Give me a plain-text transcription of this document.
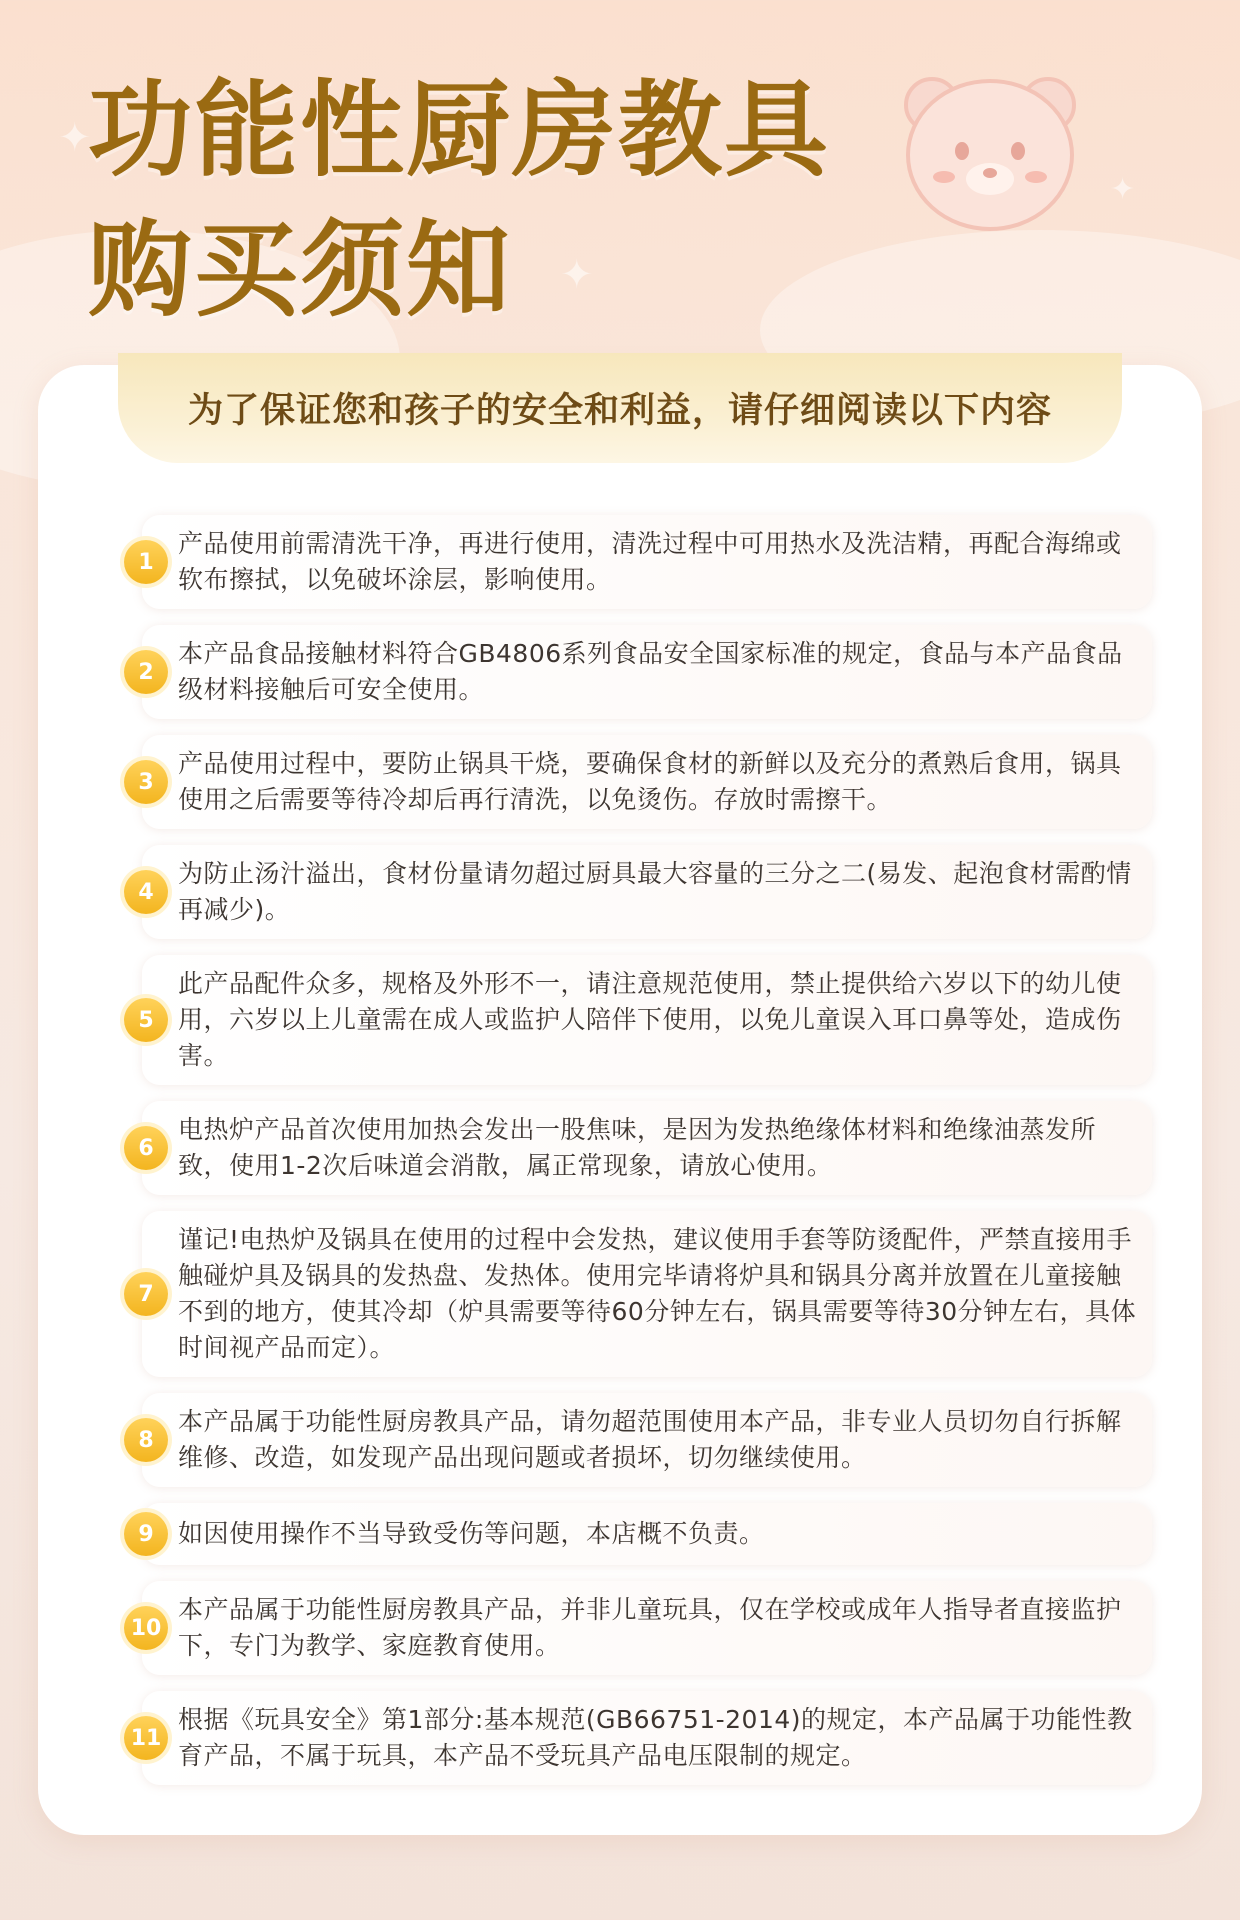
✦
✦
✦
功能性厨房教具
购买须知
为了保证您和孩子的安全和利益，请仔细阅读以下内容
1
产品使用前需清洗干净，再进行使用，清洗过程中可用热水及洗洁精，再配合海绵或软布擦拭，以免破坏涂层，影响使用。
2
本产品食品接触材料符合GB4806系列食品安全国家标准的规定，食品与本产品食品级材料接触后可安全使用。
3
产品使用过程中，要防止锅具干烧，要确保食材的新鲜以及充分的煮熟后食用，锅具使用之后需要等待冷却后再行清洗，以免烫伤。存放时需擦干。
4
为防止汤汁溢出，食材份量请勿超过厨具最大容量的三分之二(易发、起泡食材需酌情再减少)。
5
此产品配件众多，规格及外形不一，请注意规范使用，禁止提供给六岁以下的幼儿使用，六岁以上儿童需在成人或监护人陪伴下使用，以免儿童误入耳口鼻等处，造成伤害。
6
电热炉产品首次使用加热会发出一股焦味，是因为发热绝缘体材料和绝缘油蒸发所致，使用1-2次后味道会消散，属正常现象，请放心使用。
7
谨记!电热炉及锅具在使用的过程中会发热，建议使用手套等防烫配件，严禁直接用手触碰炉具及锅具的发热盘、发热体。使用完毕请将炉具和锅具分离并放置在儿童接触不到的地方，使其冷却（炉具需要等待60分钟左右，锅具需要等待30分钟左右，具体时间视产品而定）。
8
本产品属于功能性厨房教具产品，请勿超范围使用本产品，非专业人员切勿自行拆解维修、改造，如发现产品出现问题或者损坏，切勿继续使用。
9 如因使用操作不当导致受伤等问题，本店概不负责。
10
本产品属于功能性厨房教具产品，并非儿童玩具，仅在学校或成年人指导者直接监护下，专门为教学、家庭教育使用。
11
根据《玩具安全》第1部分:基本规范(GB66751-2014)的规定，本产品属于功能性教育产品，不属于玩具，本产品不受玩具产品电压限制的规定。
